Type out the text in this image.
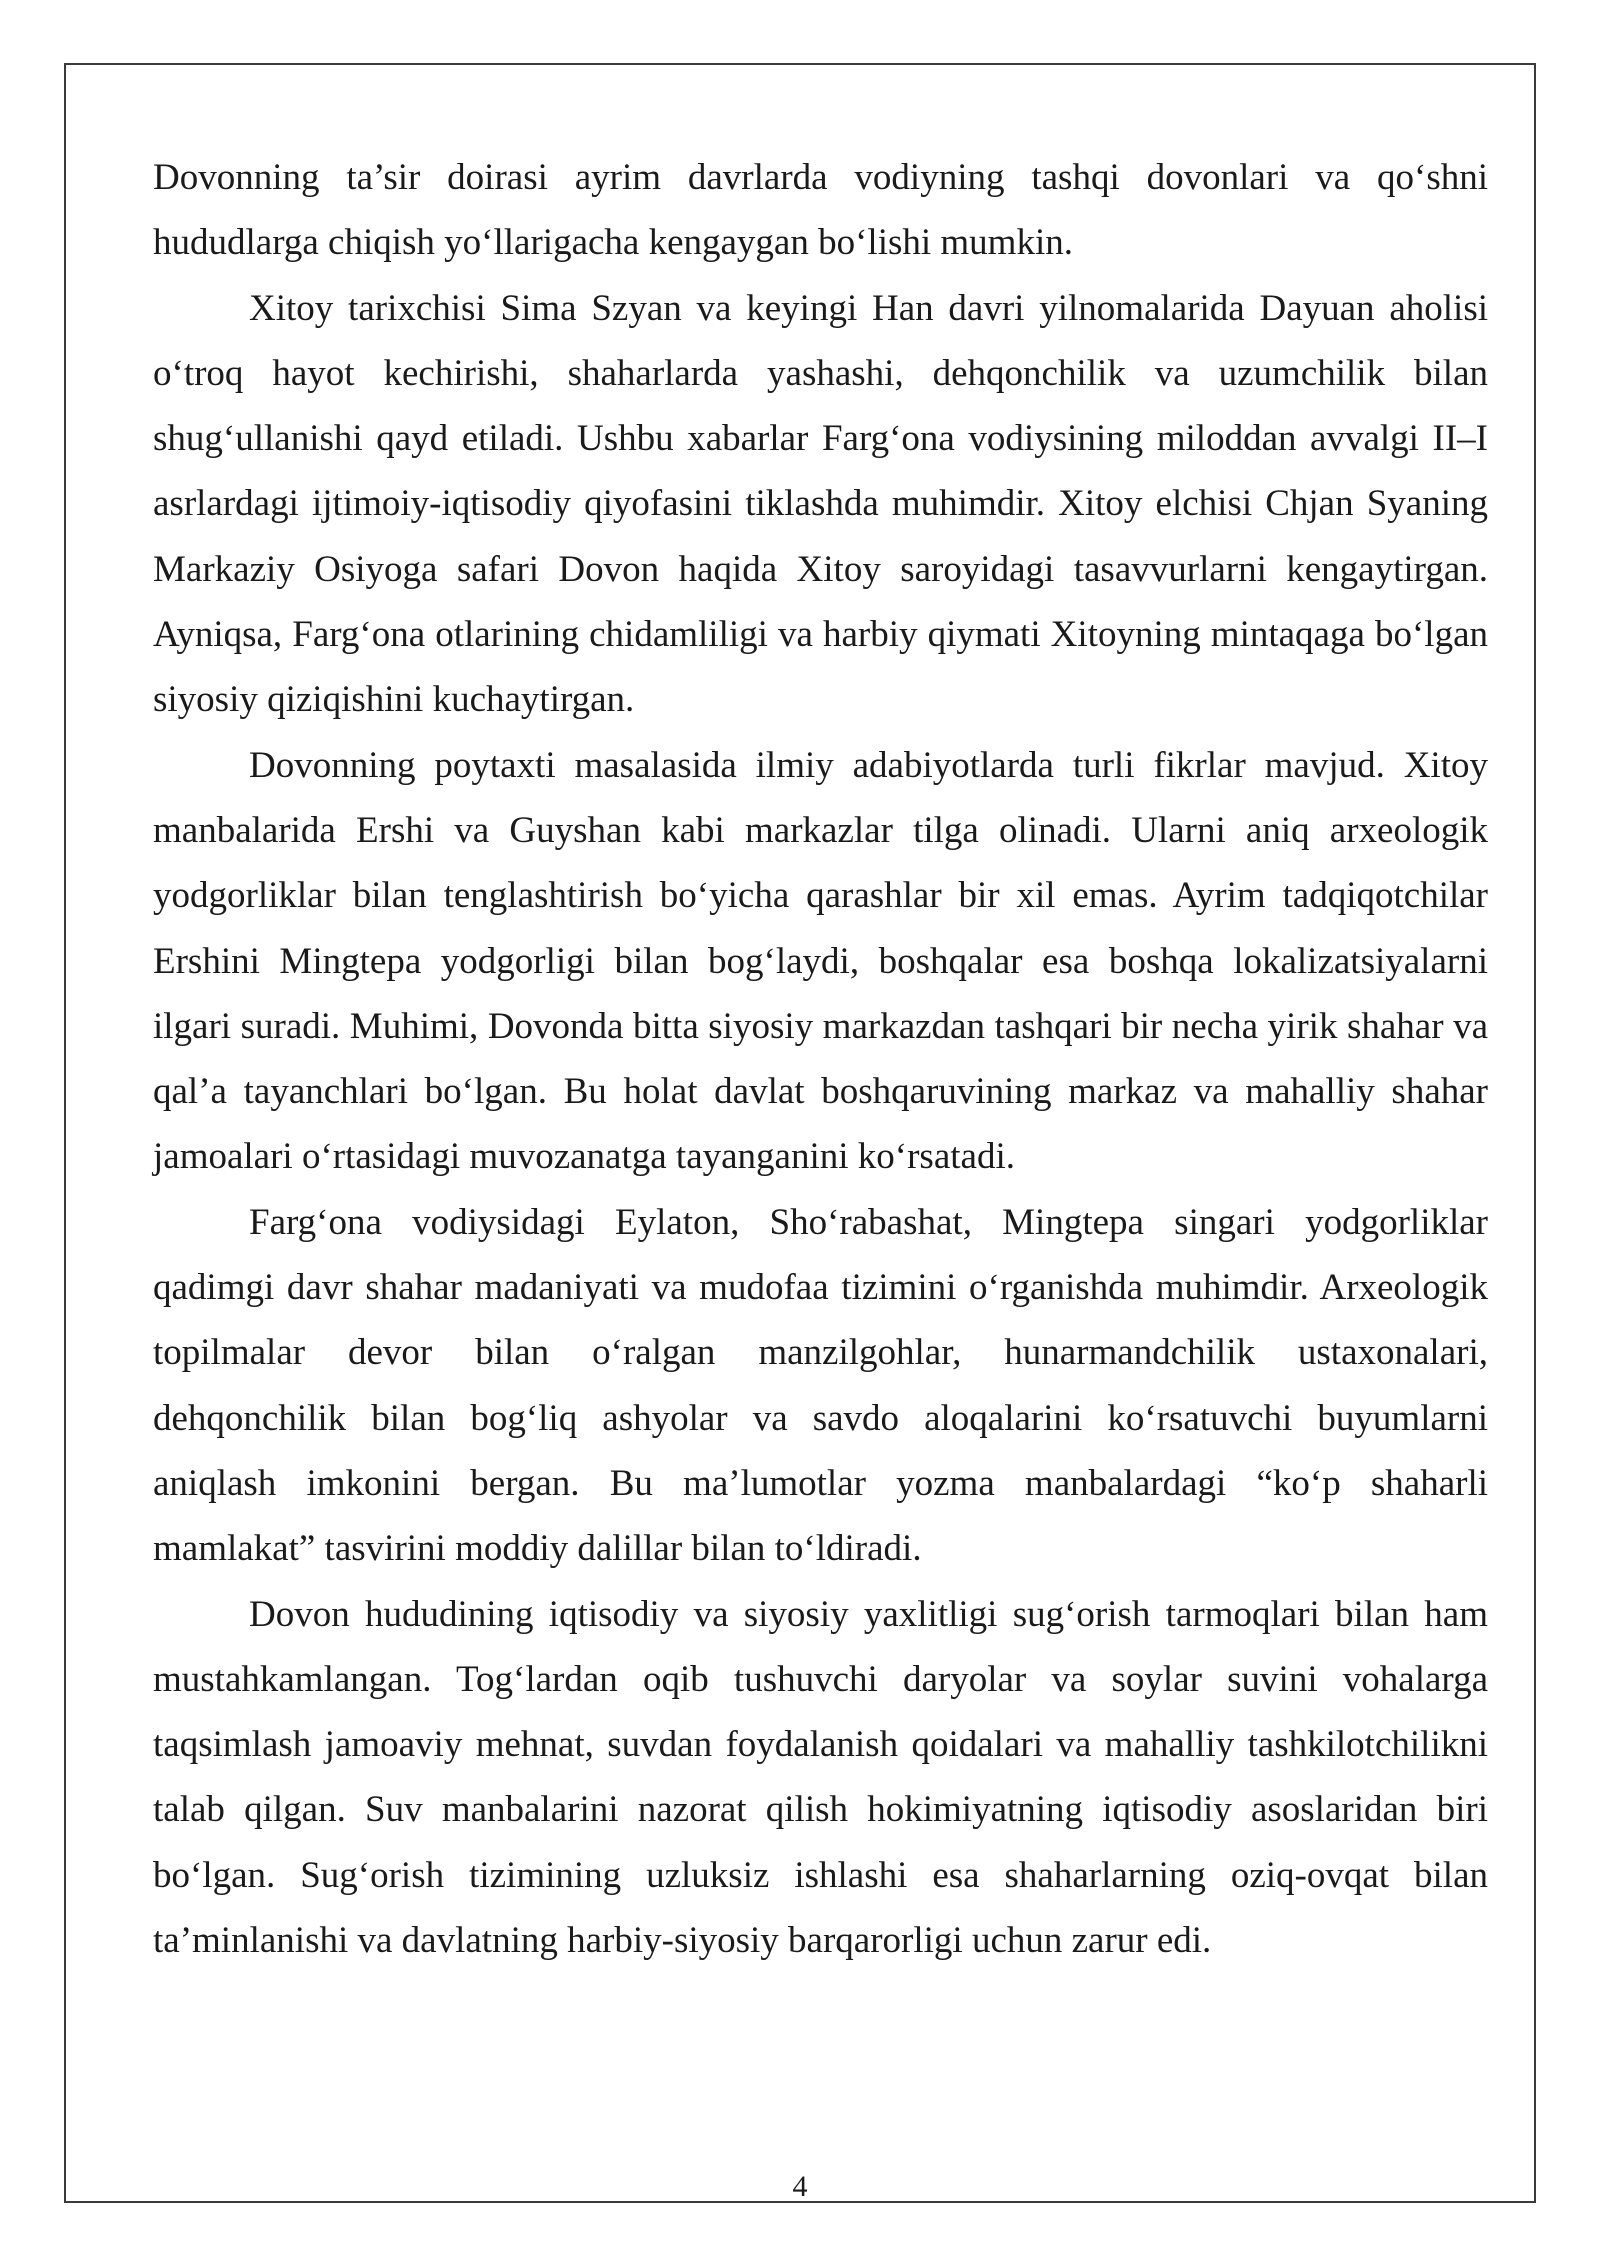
Dovonning ta’sir doirasi ayrim davrlarda vodiyning tashqi dovonlari va qo‘shni hududlarga chiqish yo‘llarigacha kengaygan bo‘lishi mumkin.

Xitoy tarixchisi Sima Szyan va keyingi Han davri yilnomalarida Dayuan aholisi o‘troq hayot kechirishi, shaharlarda yashashi, dehqonchilik va uzumchilik bilan shug‘ullanishi qayd etiladi. Ushbu xabarlar Farg‘ona vodiysining miloddan avvalgi II–I asrlardagi ijtimoiy-iqtisodiy qiyofasini tiklashda muhimdir. Xitoy elchisi Chjan Syaning Markaziy Osiyoga safari Dovon haqida Xitoy saroyidagi tasavvurlarni kengaytirgan. Ayniqsa, Farg‘ona otlarining chidamliligi va harbiy qiymati Xitoyning mintaqaga bo‘lgan siyosiy qiziqishini kuchaytirgan.

Dovonning poytaxti masalasida ilmiy adabiyotlarda turli fikrlar mavjud. Xitoy manbalarida Ershi va Guyshan kabi markazlar tilga olinadi. Ularni aniq arxeologik yodgorliklar bilan tenglashtirish bo‘yicha qarashlar bir xil emas. Ayrim tadqiqotchilar Ershini Mingtepa yodgorligi bilan bog‘laydi, boshqalar esa boshqa lokalizatsiyalarni ilgari suradi. Muhimi, Dovonda bitta siyosiy markazdan tashqari bir necha yirik shahar va qal’a tayanchlari bo‘lgan. Bu holat davlat boshqaruvining markaz va mahalliy shahar jamoalari o‘rtasidagi muvozanatga tayanganini ko‘rsatadi.

Farg‘ona vodiysidagi Eylaton, Sho‘rabashat, Mingtepa singari yodgorliklar qadimgi davr shahar madaniyati va mudofaa tizimini o‘rganishda muhimdir. Arxeologik topilmalar devor bilan o‘ralgan manzilgohlar, hunarmandchilik ustaxonalari, dehqonchilik bilan bog‘liq ashyolar va savdo aloqalarini ko‘rsatuvchi buyumlarni aniqlash imkonini bergan. Bu ma’lumotlar yozma manbalardagi “ko‘p shaharli mamlakat” tasvirini moddiy dalillar bilan to‘ldiradi.

Dovon hududining iqtisodiy va siyosiy yaxlitligi sug‘orish tarmoqlari bilan ham mustahkamlangan. Tog‘lardan oqib tushuvchi daryolar va soylar suvini vohalarga taqsimlash jamoaviy mehnat, suvdan foydalanish qoidalari va mahalliy tashkilotchilikni talab qilgan. Suv manbalarini nazorat qilish hokimiyatning iqtisodiy asoslaridan biri bo‘lgan. Sug‘orish tizimining uzluksiz ishlashi esa shaharlarning oziq-ovqat bilan ta’minlanishi va davlatning harbiy-siyosiy barqarorligi uchun zarur edi.

4
